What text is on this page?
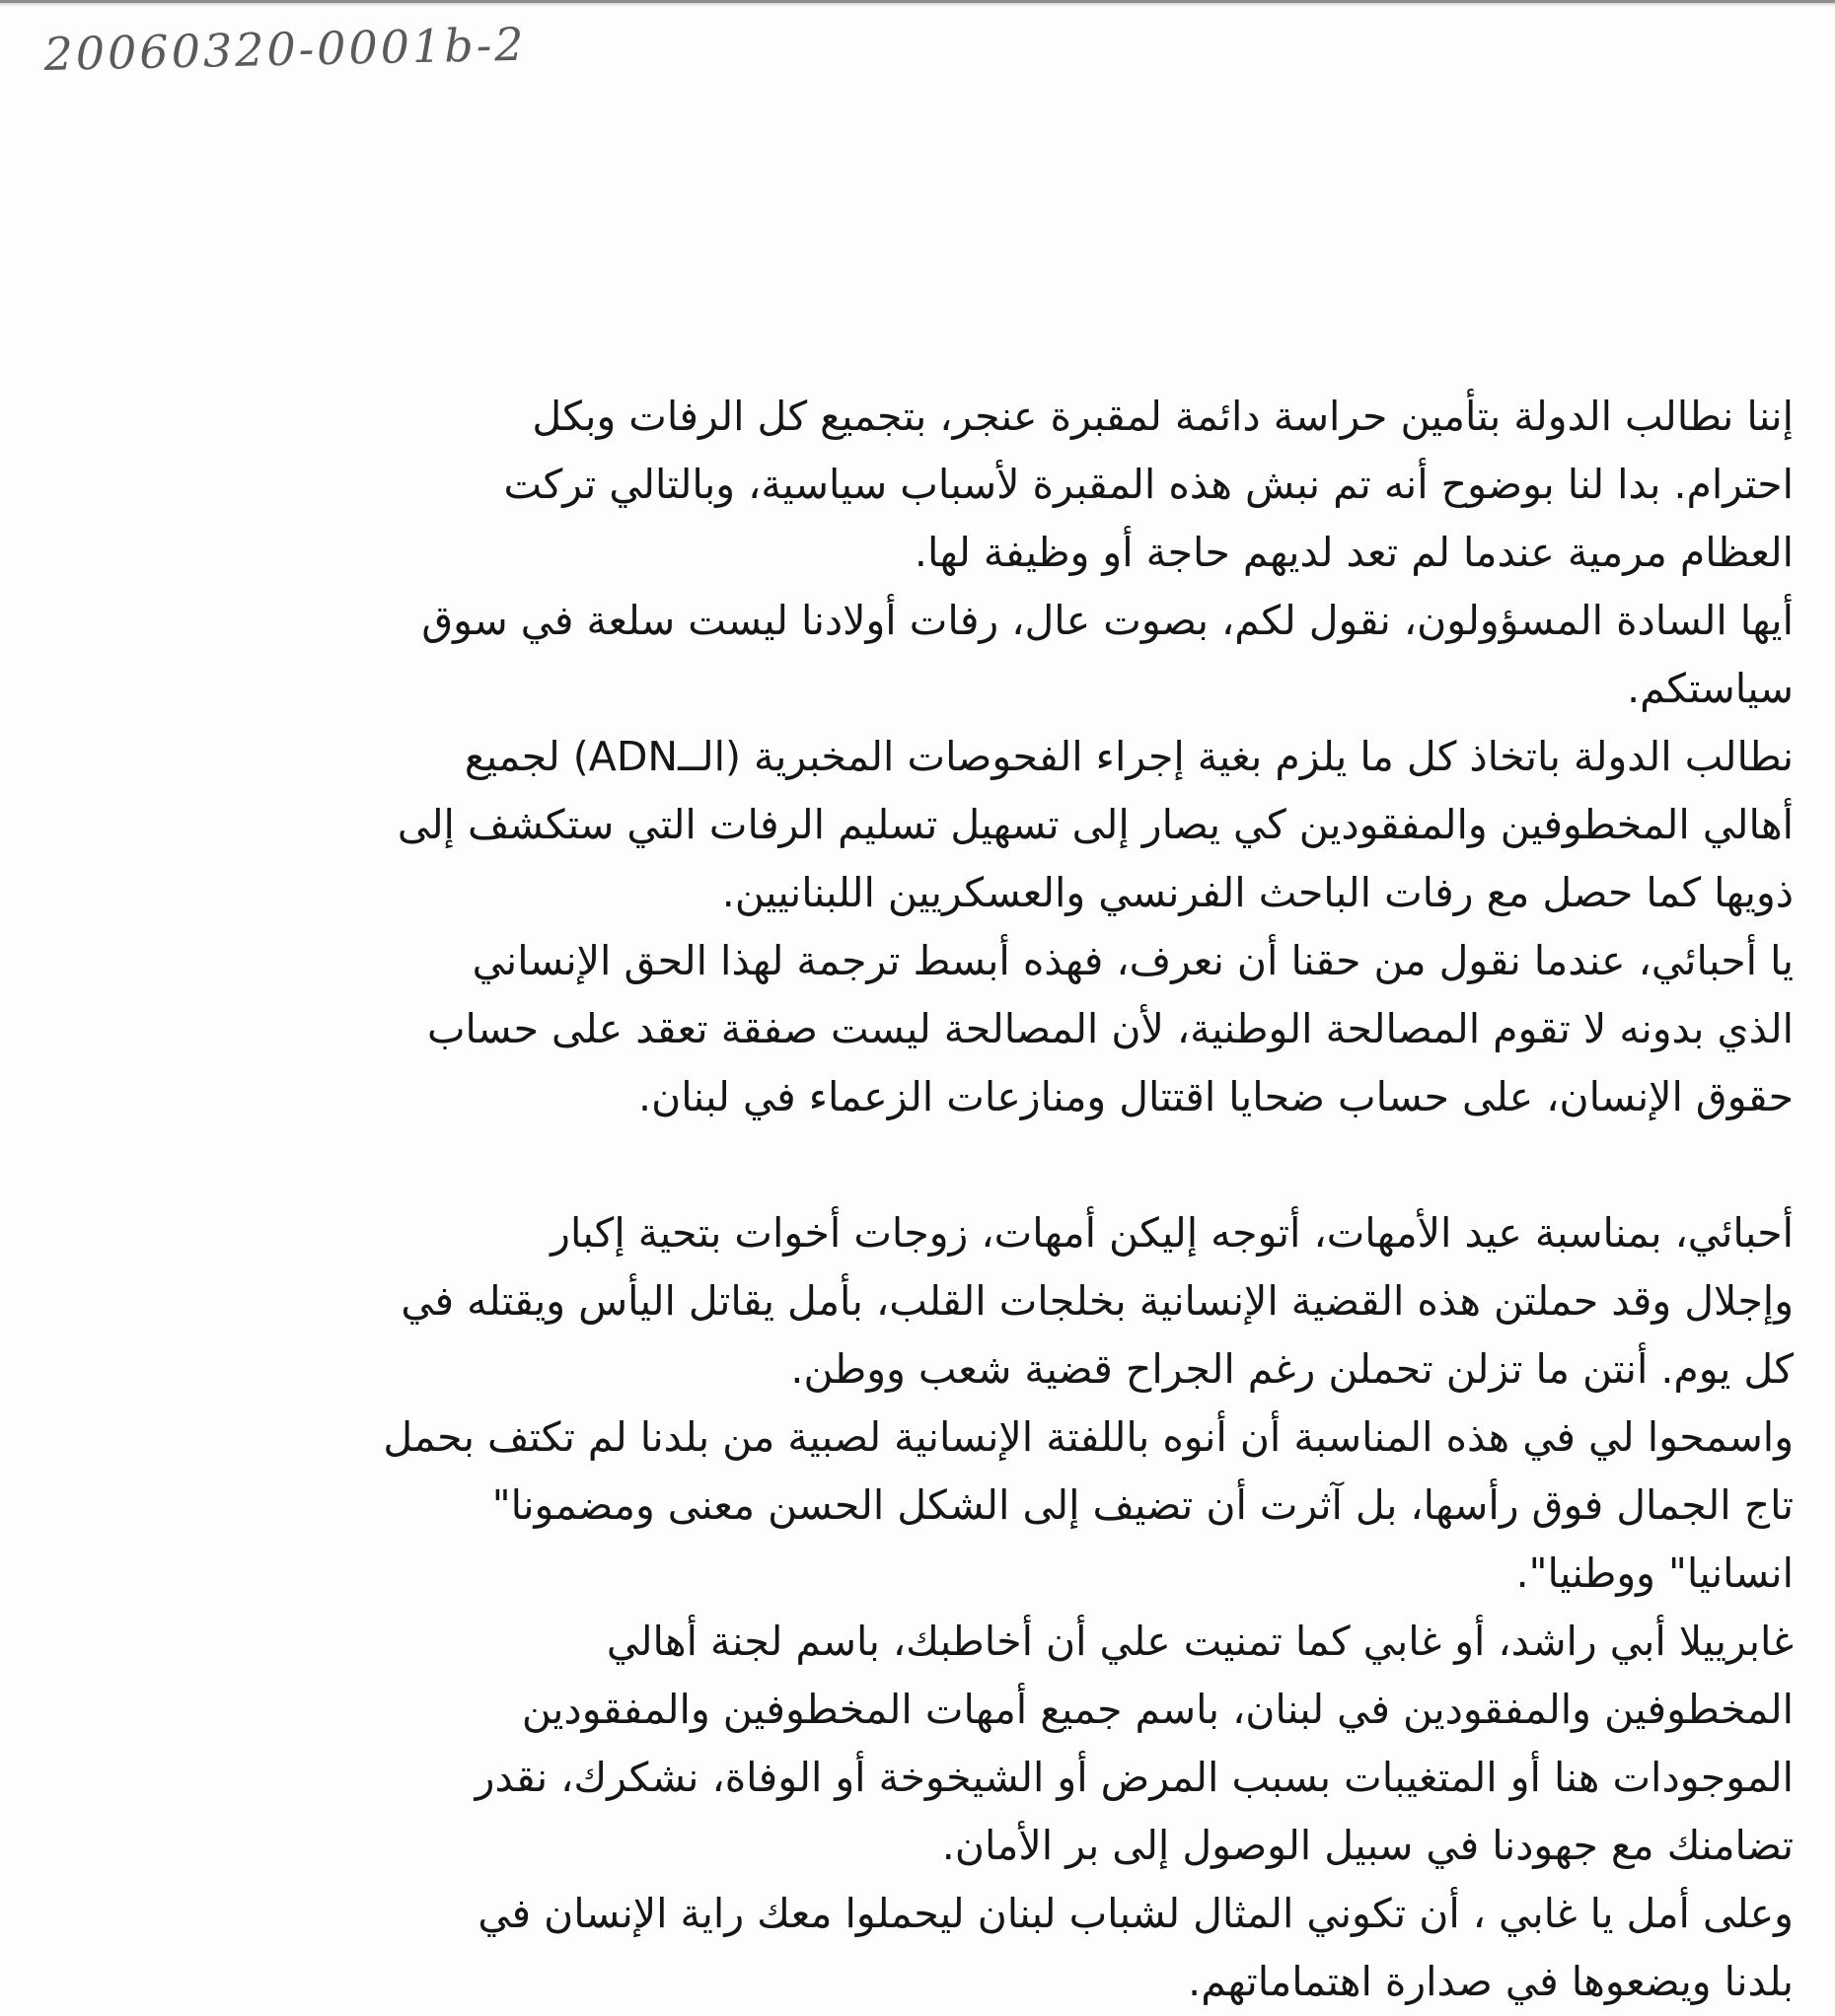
20060320-0001b-2
إننا نطالب الدولة بتأمين حراسة دائمة لمقبرة عنجر، بتجميع كل الرفات وبكل
احترام. بدا لنا بوضوح أنه تم نبش هذه المقبرة لأسباب سياسية، وبالتالي تركت
العظام مرمية عندما لم تعد لديهم حاجة أو وظيفة لها.
أيها السادة المسؤولون، نقول لكم، بصوت عال، رفات أولادنا ليست سلعة في سوق
سياستكم.
نطالب الدولة باتخاذ كل ما يلزم بغية إجراء الفحوصات المخبرية (الــADN) لجميع
أهالي المخطوفين والمفقودين كي يصار إلى تسهيل تسليم الرفات التي ستكشف إلى
ذويها كما حصل مع رفات الباحث الفرنسي والعسكريين اللبنانيين.
يا أحبائي، عندما نقول من حقنا أن نعرف، فهذه أبسط ترجمة لهذا الحق الإنساني
الذي بدونه لا تقوم المصالحة الوطنية، لأن المصالحة ليست صفقة تعقد على حساب
حقوق الإنسان، على حساب ضحايا اقتتال ومنازعات الزعماء في لبنان.
أحبائي، بمناسبة عيد الأمهات، أتوجه إليكن أمهات، زوجات أخوات بتحية إكبار
وإجلال وقد حملتن هذه القضية الإنسانية بخلجات القلب، بأمل يقاتل اليأس ويقتله في
كل يوم. أنتن ما تزلن تحملن رغم الجراح قضية شعب ووطن.
واسمحوا لي في هذه المناسبة أن أنوه باللفتة الإنسانية لصبية من بلدنا لم تكتف بحمل
تاج الجمال فوق رأسها، بل آثرت أن تضيف إلى الشكل الحسن معنى ومضمونا"
انسانيا" ووطنيا".
غابرييلا أبي راشد، أو غابي كما تمنيت علي أن أخاطبك، باسم لجنة أهالي
المخطوفين والمفقودين في لبنان، باسم جميع أمهات المخطوفين والمفقودين
الموجودات هنا أو المتغيبات بسبب المرض أو الشيخوخة أو الوفاة، نشكرك، نقدر
تضامنك مع جهودنا في سبيل الوصول إلى بر الأمان.
وعلى أمل يا غابي ، أن تكوني المثال لشباب لبنان ليحملوا معك راية الإنسان في
بلدنا ويضعوها في صدارة اهتماماتهم.
